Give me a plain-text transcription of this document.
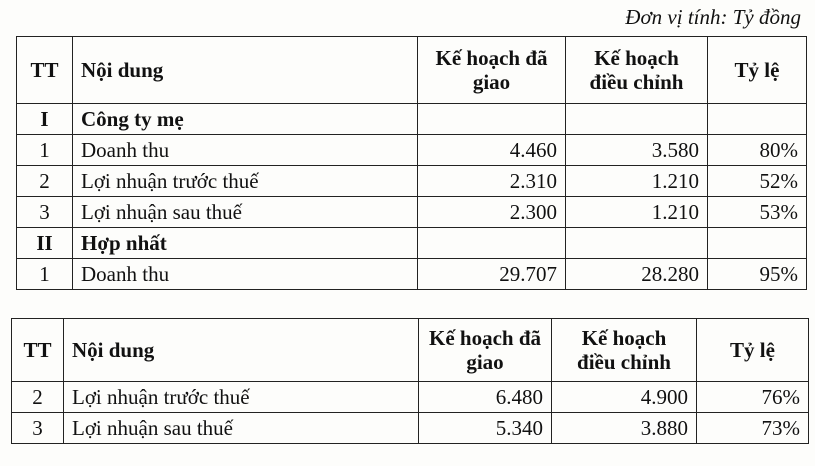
Đơn vị tính: Tỷ đồng
TT	Nội dung	Kế hoạch đã giao	Kế hoạch điều chỉnh	Tỷ lệ
I	Công ty mẹ			
1	Doanh thu	4.460	3.580	80%
2	Lợi nhuận trước thuế	2.310	1.210	52%
3	Lợi nhuận sau thuế	2.300	1.210	53%
II	Hợp nhất			
1	Doanh thu	29.707	28.280	95%
TT	Nội dung	Kế hoạch đã giao	Kế hoạch điều chỉnh	Tỷ lệ
2	Lợi nhuận trước thuế	6.480	4.900	76%
3	Lợi nhuận sau thuế	5.340	3.880	73%
